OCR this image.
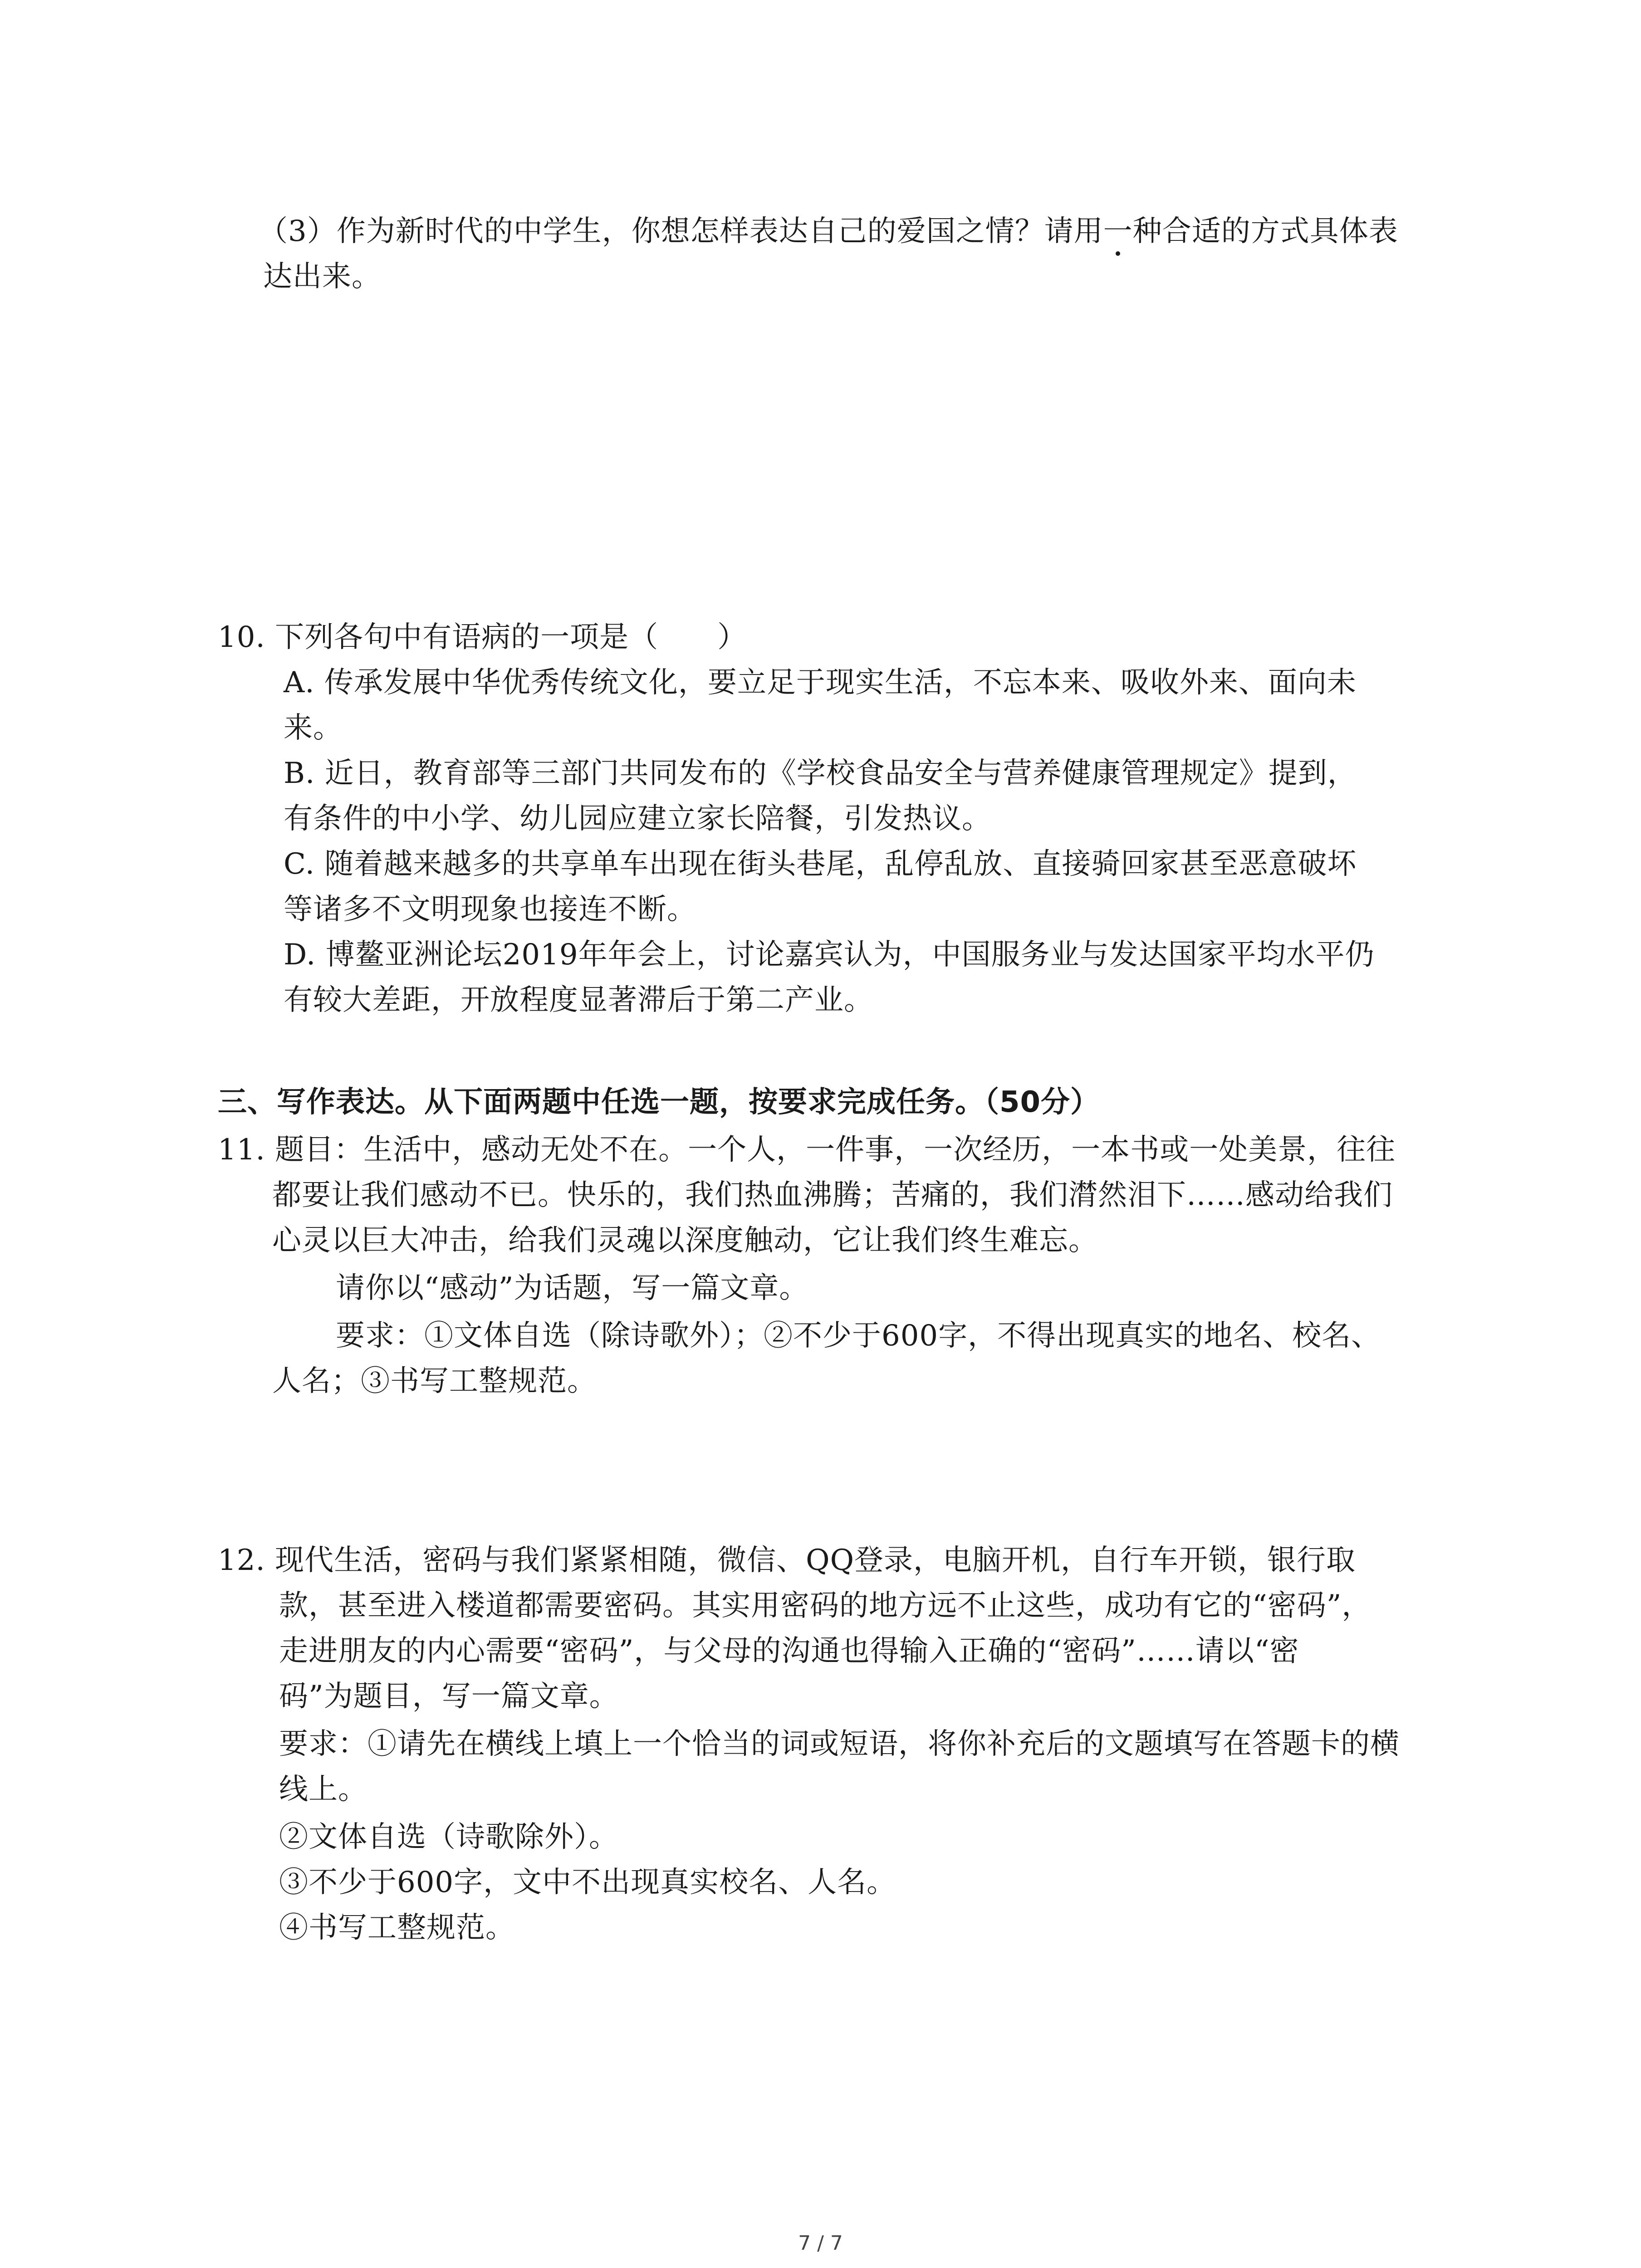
（3）作为新时代的中学生，你想怎样表达自己的爱国之情？请用一种合适的方式具体表
达出来。
10. 下列各句中有语病的一项是（　　）
A. 传承发展中华优秀传统文化，要立足于现实生活，不忘本来、吸收外来、面向未
来。
B. 近日，教育部等三部门共同发布的《学校食品安全与营养健康管理规定》提到，
有条件的中小学、幼儿园应建立家长陪餐，引发热议。
C. 随着越来越多的共享单车出现在街头巷尾，乱停乱放、直接骑回家甚至恶意破坏
等诸多不文明现象也接连不断。
D. 博鳌亚洲论坛2019年年会上，讨论嘉宾认为，中国服务业与发达国家平均水平仍
有较大差距，开放程度显著滞后于第二产业。
三、写作表达。从下面两题中任选一题，按要求完成任务。（50分）
11. 题目：生活中，感动无处不在。一个人，一件事，一次经历，一本书或一处美景，往往
都要让我们感动不已。快乐的，我们热血沸腾；苦痛的，我们潸然泪下……感动给我们
心灵以巨大冲击，给我们灵魂以深度触动，它让我们终生难忘。
请你以“感动”为话题，写一篇文章。
要求：①文体自选（除诗歌外）；②不少于600字，不得出现真实的地名、校名、
人名；③书写工整规范。
12. 现代生活，密码与我们紧紧相随，微信、QQ登录，电脑开机，自行车开锁，银行取
款，甚至进入楼道都需要密码。其实用密码的地方远不止这些，成功有它的“密码”，
走进朋友的内心需要“密码”，与父母的沟通也得输入正确的“密码”……请以“密
码”为题目，写一篇文章。
要求：①请先在横线上填上一个恰当的词或短语，将你补充后的文题填写在答题卡的横
线上。
②文体自选（诗歌除外）。
③不少于600字，文中不出现真实校名、人名。
④书写工整规范。
7 / 7
